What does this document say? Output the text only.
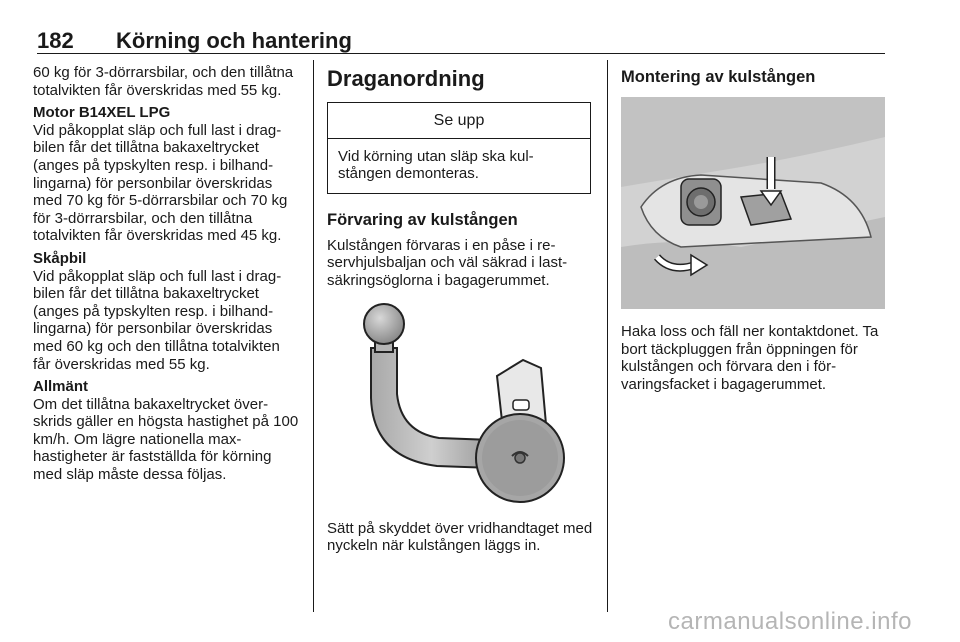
182 Körning och hantering

60 kg för 3-dörrarsbilar, och den tillåtna totalvikten får överskridas med 55 kg.

Motor B14XEL LPG

Vid påkopplat släp och full last i drag-bilen får det tillåtna bakaxeltrycket (anges på typskylten resp. i bilhand-lingarna) för personbilar överskridas med 70 kg för 5-dörrarsbilar och 70 kg för 3-dörrarsbilar, och den tillåtna totalvikten får överskridas med 45 kg.

Skåpbil

Vid påkopplat släp och full last i drag-bilen får det tillåtna bakaxeltrycket (anges på typskylten resp. i bilhand-lingarna) för personbilar överskridas med 60 kg och den tillåtna totalvikten får överskridas med 55 kg.

Allmänt

Om det tillåtna bakaxeltrycket över-skrids gäller en högsta hastighet på 100 km/h. Om lägre nationella max-hastigheter är fastställda för körning med släp måste dessa följas.

Draganordning
Se upp
Vid körning utan släp ska kul-stången demonteras.
Förvaring av kulstången

Kulstången förvaras i en påse i re-servhjulsbaljan och väl säkrad i last-säkringsöglorna i bagagerummet.

Sätt på skyddet över vridhandtaget med nyckeln när kulstången läggs in.

Montering av kulstången

Haka loss och fäll ner kontaktdonet. Ta bort täckpluggen från öppningen för kulstången och förvara den i för-varingsfacket i bagagerummet.

carmanualsonline.info
